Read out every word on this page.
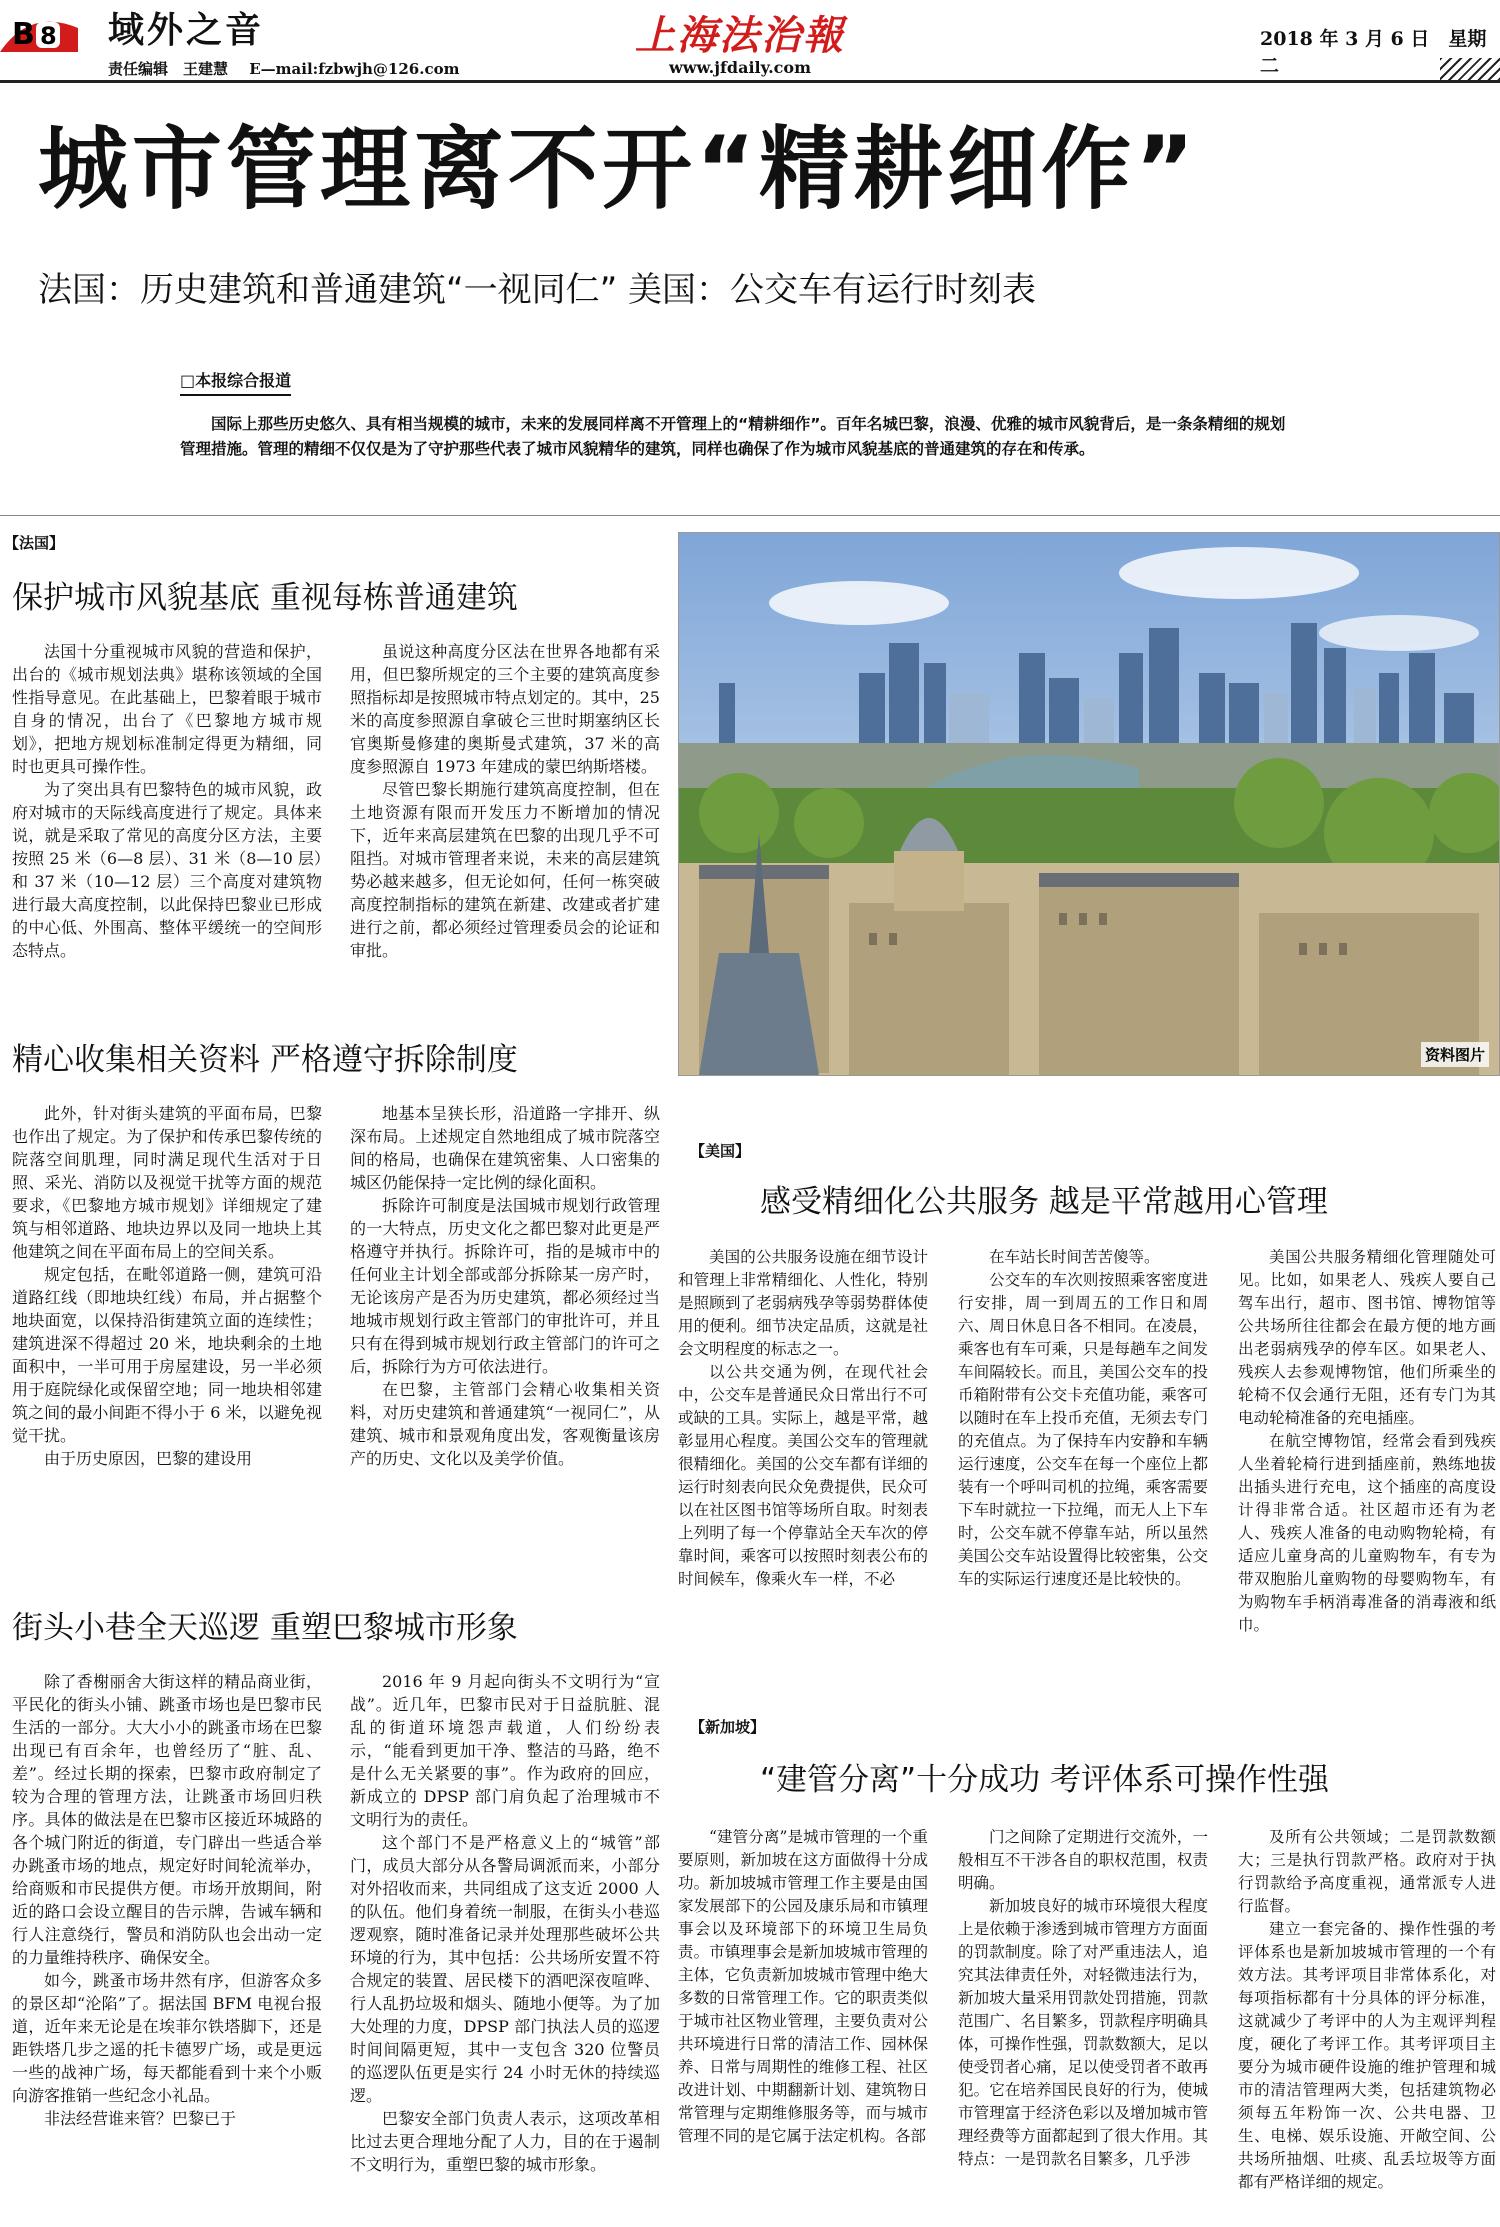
B 8 域外之音
责任编辑　王建慧 E—mail:fzbwjh@126.com
上海法治報
www.jfdaily.com
2018 年 3 月 6 日　星期二
城市管理离不开“精耕细作”
法国：历史建筑和普通建筑“一视同仁” 美国：公交车有运行时刻表
□本报综合报道
国际上那些历史悠久、具有相当规模的城市，未来的发展同样离不开管理上的“精耕细作”。百年名城巴黎，浪漫、优雅的城市风貌背后，是一条条精细的规划管理措施。管理的精细不仅仅是为了守护那些代表了城市风貌精华的建筑，同样也确保了作为城市风貌基底的普通建筑的存在和传承。
【法国】
保护城市风貌基底 重视每栋普通建筑

法国十分重视城市风貌的营造和保护，出台的《城市规划法典》堪称该领域的全国性指导意见。在此基础上，巴黎着眼于城市自身的情况，出台了《巴黎地方城市规划》，把地方规划标准制定得更为精细，同时也更具可操作性。

为了突出具有巴黎特色的城市风貌，政府对城市的天际线高度进行了规定。具体来说，就是采取了常见的高度分区方法，主要按照 25 米（6—8 层）、31 米（8—10 层）和 37 米（10—12 层）三个高度对建筑物进行最大高度控制，以此保持巴黎业已形成的中心低、外围高、整体平缓统一的空间形态特点。

虽说这种高度分区法在世界各地都有采用，但巴黎所规定的三个主要的建筑高度参照指标却是按照城市特点划定的。其中，25 米的高度参照源自拿破仑三世时期塞纳区长官奥斯曼修建的奥斯曼式建筑，37 米的高度参照源自 1973 年建成的蒙巴纳斯塔楼。

尽管巴黎长期施行建筑高度控制，但在土地资源有限而开发压力不断增加的情况下，近年来高层建筑在巴黎的出现几乎不可阻挡。对城市管理者来说，未来的高层建筑势必越来越多，但无论如何，任何一栋突破高度控制指标的建筑在新建、改建或者扩建进行之前，都必须经过管理委员会的论证和审批。

精心收集相关资料 严格遵守拆除制度

此外，针对街头建筑的平面布局，巴黎也作出了规定。为了保护和传承巴黎传统的院落空间肌理，同时满足现代生活对于日照、采光、消防以及视觉干扰等方面的规范要求，《巴黎地方城市规划》详细规定了建筑与相邻道路、地块边界以及同一地块上其他建筑之间在平面布局上的空间关系。

规定包括，在毗邻道路一侧，建筑可沿道路红线（即地块红线）布局，并占据整个地块面宽，以保持沿街建筑立面的连续性；建筑进深不得超过 20 米，地块剩余的土地面积中，一半可用于房屋建设，另一半必须用于庭院绿化或保留空地；同一地块相邻建筑之间的最小间距不得小于 6 米，以避免视觉干扰。

由于历史原因，巴黎的建设用

地基本呈狭长形，沿道路一字排开、纵深布局。上述规定自然地组成了城市院落空间的格局，也确保在建筑密集、人口密集的城区仍能保持一定比例的绿化面积。

拆除许可制度是法国城市规划行政管理的一大特点，历史文化之都巴黎对此更是严格遵守并执行。拆除许可，指的是城市中的任何业主计划全部或部分拆除某一房产时，无论该房产是否为历史建筑，都必须经过当地城市规划行政主管部门的审批许可，并且只有在得到城市规划行政主管部门的许可之后，拆除行为方可依法进行。

在巴黎，主管部门会精心收集相关资料，对历史建筑和普通建筑“一视同仁”，从建筑、城市和景观角度出发，客观衡量该房产的历史、文化以及美学价值。

街头小巷全天巡逻 重塑巴黎城市形象

除了香榭丽舍大街这样的精品商业街，平民化的街头小铺、跳蚤市场也是巴黎市民生活的一部分。大大小小的跳蚤市场在巴黎出现已有百余年，也曾经历了“脏、乱、差”。经过长期的探索，巴黎市政府制定了较为合理的管理方法，让跳蚤市场回归秩序。具体的做法是在巴黎市区接近环城路的各个城门附近的街道，专门辟出一些适合举办跳蚤市场的地点，规定好时间轮流举办，给商贩和市民提供方便。市场开放期间，附近的路口会设立醒目的告示牌，告诫车辆和行人注意绕行，警员和消防队也会出动一定的力量维持秩序、确保安全。

如今，跳蚤市场井然有序，但游客众多的景区却“沦陷”了。据法国 BFM 电视台报道，近年来无论是在埃菲尔铁塔脚下，还是距铁塔几步之遥的托卡德罗广场，或是更远一些的战神广场，每天都能看到十来个小贩向游客推销一些纪念小礼品。

非法经营谁来管？巴黎已于

2016 年 9 月起向街头不文明行为“宣战”。近几年，巴黎市民对于日益肮脏、混乱的街道环境怨声载道，人们纷纷表示，“能看到更加干净、整洁的马路，绝不是什么无关紧要的事”。作为政府的回应，新成立的 DPSP 部门肩负起了治理城市不文明行为的责任。

这个部门不是严格意义上的“城管”部门，成员大部分从各警局调派而来，小部分对外招收而来，共同组成了这支近 2000 人的队伍。他们身着统一制服，在街头小巷巡逻观察，随时准备记录并处理那些破坏公共环境的行为，其中包括：公共场所安置不符合规定的装置、居民楼下的酒吧深夜喧哗、行人乱扔垃圾和烟头、随地小便等。为了加大处理的力度，DPSP 部门执法人员的巡逻时间间隔更短，其中一支包含 320 位警员的巡逻队伍更是实行 24 小时无休的持续巡逻。

巴黎安全部门负责人表示，这项改革相比过去更合理地分配了人力，目的在于遏制不文明行为，重塑巴黎的城市形象。

资料图片
【美国】
感受精细化公共服务 越是平常越用心管理

美国的公共服务设施在细节设计和管理上非常精细化、人性化，特别是照顾到了老弱病残孕等弱势群体使用的便利。细节决定品质，这就是社会文明程度的标志之一。

以公共交通为例，在现代社会中，公交车是普通民众日常出行不可或缺的工具。实际上，越是平常，越彰显用心程度。美国公交车的管理就很精细化。美国的公交车都有详细的运行时刻表向民众免费提供，民众可以在社区图书馆等场所自取。时刻表上列明了每一个停靠站全天车次的停靠时间，乘客可以按照时刻表公布的时间候车，像乘火车一样，不必

在车站长时间苦苦傻等。

公交车的车次则按照乘客密度进行安排，周一到周五的工作日和周六、周日休息日各不相同。在凌晨，乘客也有车可乘，只是每趟车之间发车间隔较长。而且，美国公交车的投币箱附带有公交卡充值功能，乘客可以随时在车上投币充值，无须去专门的充值点。为了保持车内安静和车辆运行速度，公交车在每一个座位上都装有一个呼叫司机的拉绳，乘客需要下车时就拉一下拉绳，而无人上下车时，公交车就不停靠车站，所以虽然美国公交车站设置得比较密集，公交车的实际运行速度还是比较快的。

美国公共服务精细化管理随处可见。比如，如果老人、残疾人要自己驾车出行，超市、图书馆、博物馆等公共场所往往都会在最方便的地方画出老弱病残孕的停车区。如果老人、残疾人去参观博物馆，他们所乘坐的轮椅不仅会通行无阻，还有专门为其电动轮椅准备的充电插座。

在航空博物馆，经常会看到残疾人坐着轮椅行进到插座前，熟练地拔出插头进行充电，这个插座的高度设计得非常合适。社区超市还有为老人、残疾人准备的电动购物轮椅，有适应儿童身高的儿童购物车，有专为带双胞胎儿童购物的母婴购物车，有为购物车手柄消毒准备的消毒液和纸巾。

【新加坡】
“建管分离”十分成功 考评体系可操作性强

“建管分离”是城市管理的一个重要原则，新加坡在这方面做得十分成功。新加坡城市管理工作主要是由国家发展部下的公园及康乐局和市镇理事会以及环境部下的环境卫生局负责。市镇理事会是新加坡城市管理的主体，它负责新加坡城市管理中绝大多数的日常管理工作。它的职责类似于城市社区物业管理，主要负责对公共环境进行日常的清洁工作、园林保养、日常与周期性的维修工程、社区改进计划、中期翻新计划、建筑物日常管理与定期维修服务等，而与城市管理不同的是它属于法定机构。各部

门之间除了定期进行交流外，一般相互不干涉各自的职权范围，权责明确。

新加坡良好的城市环境很大程度上是依赖于渗透到城市管理方方面面的罚款制度。除了对严重违法人，追究其法律责任外，对轻微违法行为，新加坡大量采用罚款处罚措施，罚款范围广、名目繁多，罚款程序明确具体，可操作性强，罚款数额大，足以使受罚者心痛，足以使受罚者不敢再犯。它在培养国民良好的行为，使城市管理富于经济色彩以及增加城市管理经费等方面都起到了很大作用。其特点：一是罚款名目繁多，几乎涉

及所有公共领域；二是罚款数额大；三是执行罚款严格。政府对于执行罚款给予高度重视，通常派专人进行监督。

建立一套完备的、操作性强的考评体系也是新加坡城市管理的一个有效方法。其考评项目非常体系化，对每项指标都有十分具体的评分标准，这就减少了考评中的人为主观评判程度，硬化了考评工作。其考评项目主要分为城市硬件设施的维护管理和城市的清洁管理两大类，包括建筑物必须每五年粉饰一次、公共电器、卫生、电梯、娱乐设施、开敞空间、公共场所抽烟、吐痰、乱丢垃圾等方面都有严格详细的规定。
